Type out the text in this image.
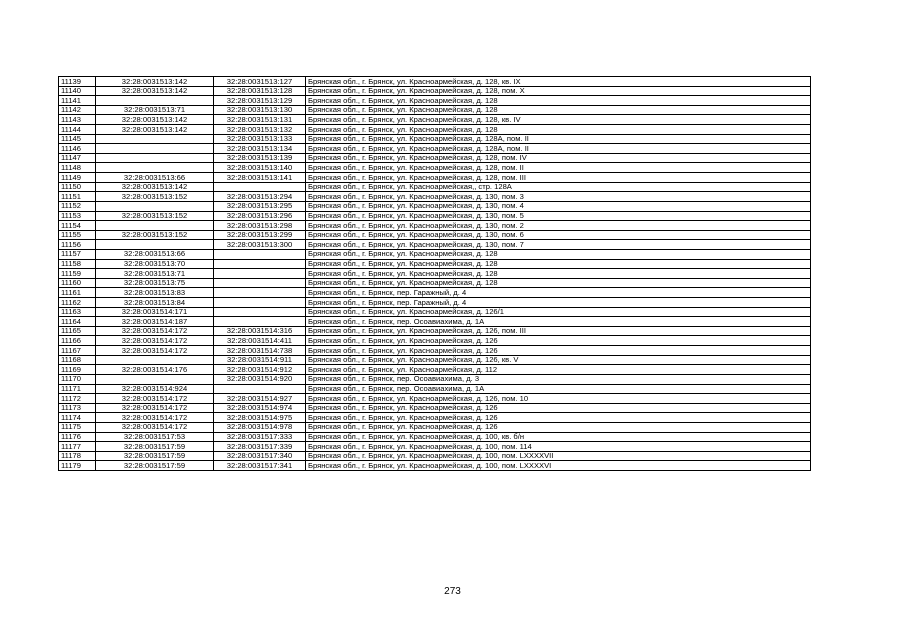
11139	32:28:0031513:142	32:28:0031513:127	Брянская обл., г. Брянск, ул. Красноармейская, д. 128, кв. IX
11140	32:28:0031513:142	32:28:0031513:128	Брянская обл., г. Брянск, ул. Красноармейская, д. 128, пом. X
11141		32:28:0031513:129	Брянская обл., г. Брянск, ул. Красноармейская, д. 128
11142	32:28:0031513:71	32:28:0031513:130	Брянская обл., г. Брянск, ул. Красноармейская, д. 128
11143	32:28:0031513:142	32:28:0031513:131	Брянская обл., г. Брянск, ул. Красноармейская, д. 128, кв. IV
11144	32:28:0031513:142	32:28:0031513:132	Брянская обл., г. Брянск, ул. Красноармейская, д. 128
11145		32:28:0031513:133	Брянская обл., г. Брянск, ул. Красноармейская, д. 128А, пом. II
11146		32:28:0031513:134	Брянская обл., г. Брянск, ул. Красноармейская, д. 128А, пом. II
11147		32:28:0031513:139	Брянская обл., г. Брянск, ул. Красноармейская, д. 128, пом. IV
11148		32:28:0031513:140	Брянская обл., г. Брянск, ул. Красноармейская, д. 128, пом. II
11149	32:28:0031513:66	32:28:0031513:141	Брянская обл., г. Брянск, ул. Красноармейская, д. 128, пом. III
11150	32:28:0031513:142		Брянская обл., г. Брянск, ул. Красноармейская,, стр. 128А
11151	32:28:0031513:152	32:28:0031513:294	Брянская обл., г. Брянск, ул. Красноармейская, д. 130, пом. 3
11152		32:28:0031513:295	Брянская обл., г. Брянск, ул. Красноармейская, д. 130, пом. 4
11153	32:28:0031513:152	32:28:0031513:296	Брянская обл., г. Брянск, ул. Красноармейская, д. 130, пом. 5
11154		32:28:0031513:298	Брянская обл., г. Брянск, ул. Красноармейская, д. 130, пом. 2
11155	32:28:0031513:152	32:28:0031513:299	Брянская обл., г. Брянск, ул. Красноармейская, д. 130, пом. 6
11156		32:28:0031513:300	Брянская обл., г. Брянск, ул. Красноармейская, д. 130, пом. 7
11157	32:28:0031513:66		Брянская обл., г. Брянск, ул. Красноармейская, д. 128
11158	32:28:0031513:70		Брянская обл., г. Брянск, ул. Красноармейская, д. 128
11159	32:28:0031513:71		Брянская обл., г. Брянск, ул. Красноармейская, д. 128
11160	32:28:0031513:75		Брянская обл., г. Брянск, ул. Красноармейская, д. 128
11161	32:28:0031513:83		Брянская обл., г. Брянск, пер. Гаражный, д. 4
11162	32:28:0031513:84		Брянская обл., г. Брянск, пер. Гаражный, д. 4
11163	32:28:0031514:171		Брянская обл., г. Брянск, ул. Красноармейская, д. 126/1
11164	32:28:0031514:187		Брянская обл., г. Брянск, пер. Осоавиахима, д. 1А
11165	32:28:0031514:172	32:28:0031514:316	Брянская обл., г. Брянск, ул. Красноармейская, д. 126, пом. III
11166	32:28:0031514:172	32:28:0031514:411	Брянская обл., г. Брянск, ул. Красноармейская, д. 126
11167	32:28:0031514:172	32:28:0031514:738	Брянская обл., г. Брянск, ул. Красноармейская, д. 126
11168		32:28:0031514:911	Брянская обл., г. Брянск, ул. Красноармейская, д. 126, кв. V
11169	32:28:0031514:176	32:28:0031514:912	Брянская обл., г. Брянск, ул. Красноармейская, д. 112
11170		32:28:0031514:920	Брянская обл., г. Брянск, пер. Осоавиахима, д. 3
11171	32:28:0031514:924		Брянская обл., г. Брянск, пер. Осоавиахима, д. 1А
11172	32:28:0031514:172	32:28:0031514:927	Брянская обл., г. Брянск, ул. Красноармейская, д. 126, пом. 10
11173	32:28:0031514:172	32:28:0031514:974	Брянская обл., г. Брянск, ул. Красноармейская, д. 126
11174	32:28:0031514:172	32:28:0031514:975	Брянская обл., г. Брянск, ул. Красноармейская, д. 126
11175	32:28:0031514:172	32:28:0031514:978	Брянская обл., г. Брянск, ул. Красноармейская, д. 126
11176	32:28:0031517:53	32:28:0031517:333	Брянская обл., г. Брянск, ул. Красноармейская, д. 100, кв. б/н
11177	32:28:0031517:59	32:28:0031517:339	Брянская обл., г. Брянск, ул. Красноармейская, д. 100, пом. 114
11178	32:28:0031517:59	32:28:0031517:340	Брянская обл., г. Брянск, ул. Красноармейская, д. 100, пом. LXXXXVII
11179	32:28:0031517:59	32:28:0031517:341	Брянская обл., г. Брянск, ул. Красноармейская, д. 100, пом. LXXXXVI
273
